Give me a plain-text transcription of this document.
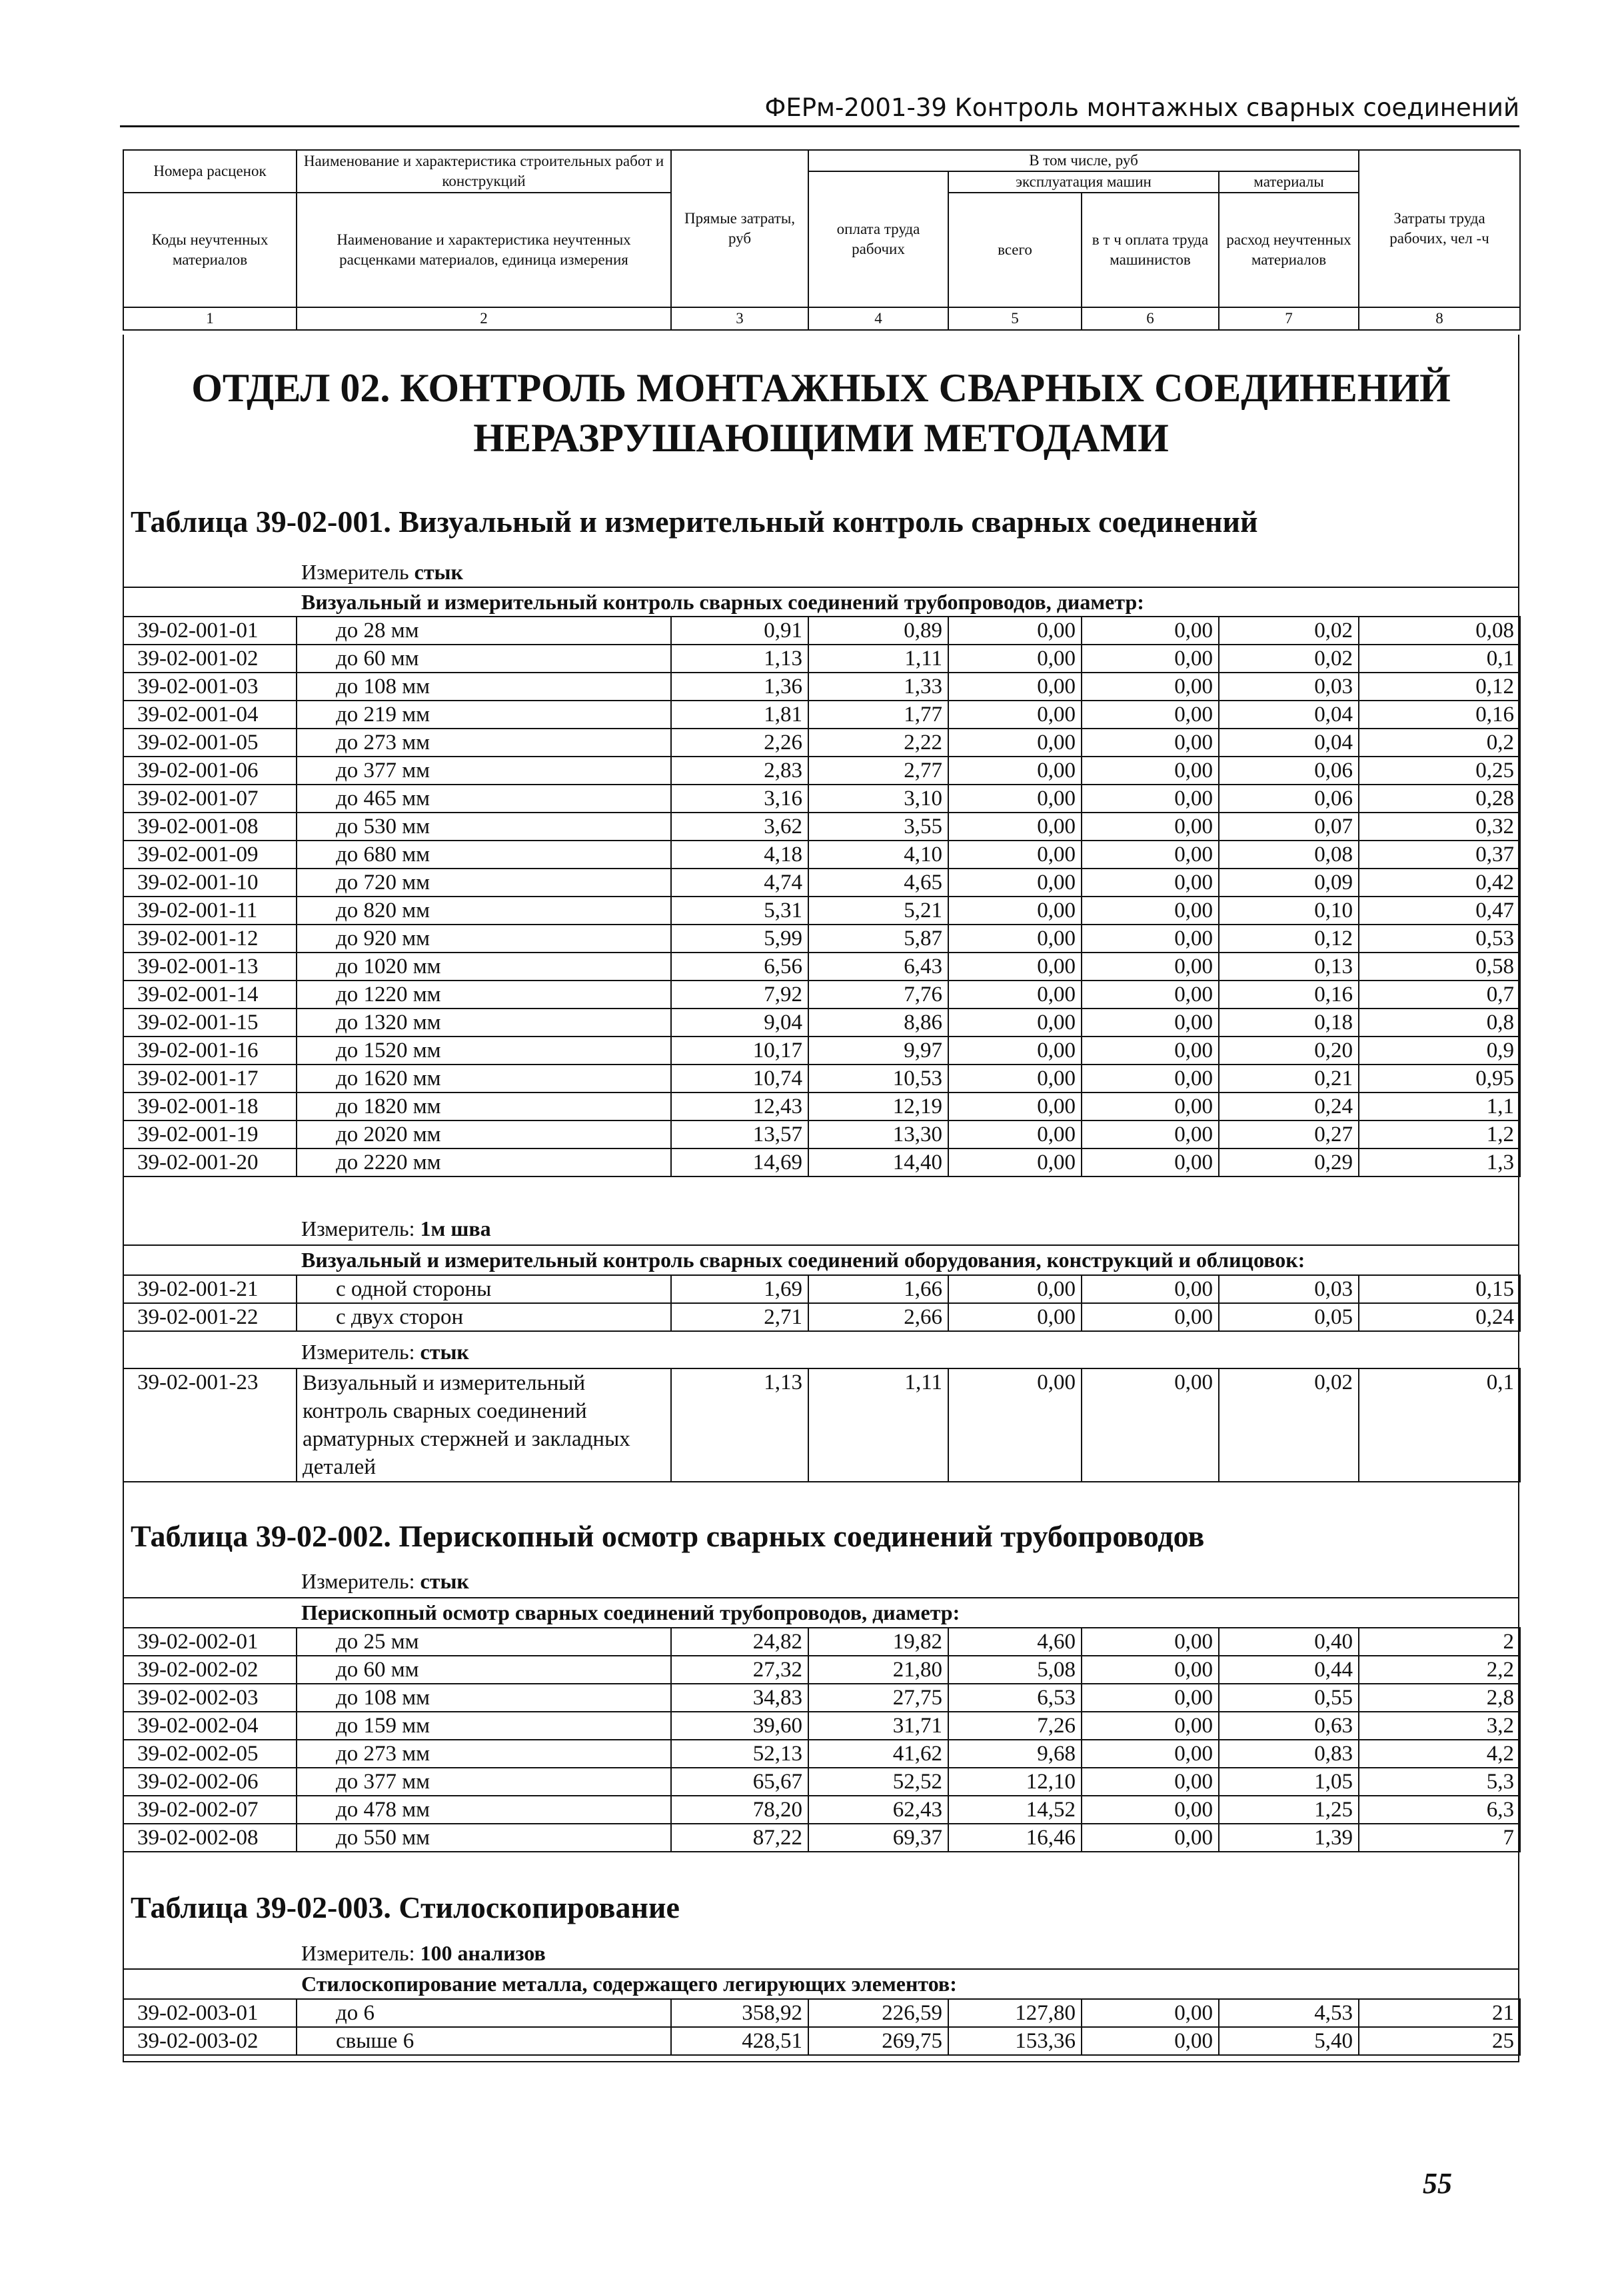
ФЕРм-2001-39 Контроль монтажных сварных соединений
Номера расценок	Наименование и характеристика строительных работ и конструкций	Прямые затраты, руб	В том числе, руб				Затраты труда рабочих, чел -ч
			оплата труда рабочих	эксплуатация машин		материалы	
Коды неучтенных материалов	Наименование и характеристика неучтенных расценками материалов, единица измерения			всего	в т ч оплата труда машинистов	расход неучтенных материалов	

1	2	3	4	5	6	7	8
ОТДЕЛ 02. КОНТРОЛЬ МОНТАЖНЫХ СВАРНЫХ СОЕДИНЕНИЙ НЕРАЗРУШАЮЩИМИ МЕТОДАМИ
Таблица 39-02-001. Визуальный и измерительный контроль сварных соединений
Измеритель стык
Визуальный и измерительный контроль сварных соединений трубопроводов, диаметр:
39-02-001-01	до 28 мм	0,91	0,89	0,00	0,00	0,02	0,08
39-02-001-02	до 60 мм	1,13	1,11	0,00	0,00	0,02	0,1
39-02-001-03	до 108 мм	1,36	1,33	0,00	0,00	0,03	0,12
39-02-001-04	до 219 мм	1,81	1,77	0,00	0,00	0,04	0,16
39-02-001-05	до 273 мм	2,26	2,22	0,00	0,00	0,04	0,2
39-02-001-06	до 377 мм	2,83	2,77	0,00	0,00	0,06	0,25
39-02-001-07	до 465 мм	3,16	3,10	0,00	0,00	0,06	0,28
39-02-001-08	до 530 мм	3,62	3,55	0,00	0,00	0,07	0,32
39-02-001-09	до 680 мм	4,18	4,10	0,00	0,00	0,08	0,37
39-02-001-10	до 720 мм	4,74	4,65	0,00	0,00	0,09	0,42
39-02-001-11	до 820 мм	5,31	5,21	0,00	0,00	0,10	0,47
39-02-001-12	до 920 мм	5,99	5,87	0,00	0,00	0,12	0,53
39-02-001-13	до 1020 мм	6,56	6,43	0,00	0,00	0,13	0,58
39-02-001-14	до 1220 мм	7,92	7,76	0,00	0,00	0,16	0,7
39-02-001-15	до 1320 мм	9,04	8,86	0,00	0,00	0,18	0,8
39-02-001-16	до 1520 мм	10,17	9,97	0,00	0,00	0,20	0,9
39-02-001-17	до 1620 мм	10,74	10,53	0,00	0,00	0,21	0,95
39-02-001-18	до 1820 мм	12,43	12,19	0,00	0,00	0,24	1,1
39-02-001-19	до 2020 мм	13,57	13,30	0,00	0,00	0,27	1,2
39-02-001-20	до 2220 мм	14,69	14,40	0,00	0,00	0,29	1,3
Измеритель: 1м шва
Визуальный и измерительный контроль сварных соединений оборудования, конструкций и облицовок:
39-02-001-21	с одной стороны	1,69	1,66	0,00	0,00	0,03	0,15
39-02-001-22	с двух сторон	2,71	2,66	0,00	0,00	0,05	0,24
Измеритель: стык
39-02-001-23	Визуальный и измерительный контроль сварных соединений арматурных стержней и закладных деталей	1,13	1,11	0,00	0,00	0,02	0,1
Таблица 39-02-002. Перископный осмотр сварных соединений трубопроводов
Измеритель: стык
Перископный осмотр сварных соединений трубопроводов, диаметр:
39-02-002-01	до 25 мм	24,82	19,82	4,60	0,00	0,40	2
39-02-002-02	до 60 мм	27,32	21,80	5,08	0,00	0,44	2,2
39-02-002-03	до 108 мм	34,83	27,75	6,53	0,00	0,55	2,8
39-02-002-04	до 159 мм	39,60	31,71	7,26	0,00	0,63	3,2
39-02-002-05	до 273 мм	52,13	41,62	9,68	0,00	0,83	4,2
39-02-002-06	до 377 мм	65,67	52,52	12,10	0,00	1,05	5,3
39-02-002-07	до 478 мм	78,20	62,43	14,52	0,00	1,25	6,3
39-02-002-08	до 550 мм	87,22	69,37	16,46	0,00	1,39	7
Таблица 39-02-003. Стилоскопирование
Измеритель: 100 анализов
Стилоскопирование металла, содержащего легирующих элементов:
39-02-003-01	до 6	358,92	226,59	127,80	0,00	4,53	21
39-02-003-02	свыше 6	428,51	269,75	153,36	0,00	5,40	25
55
